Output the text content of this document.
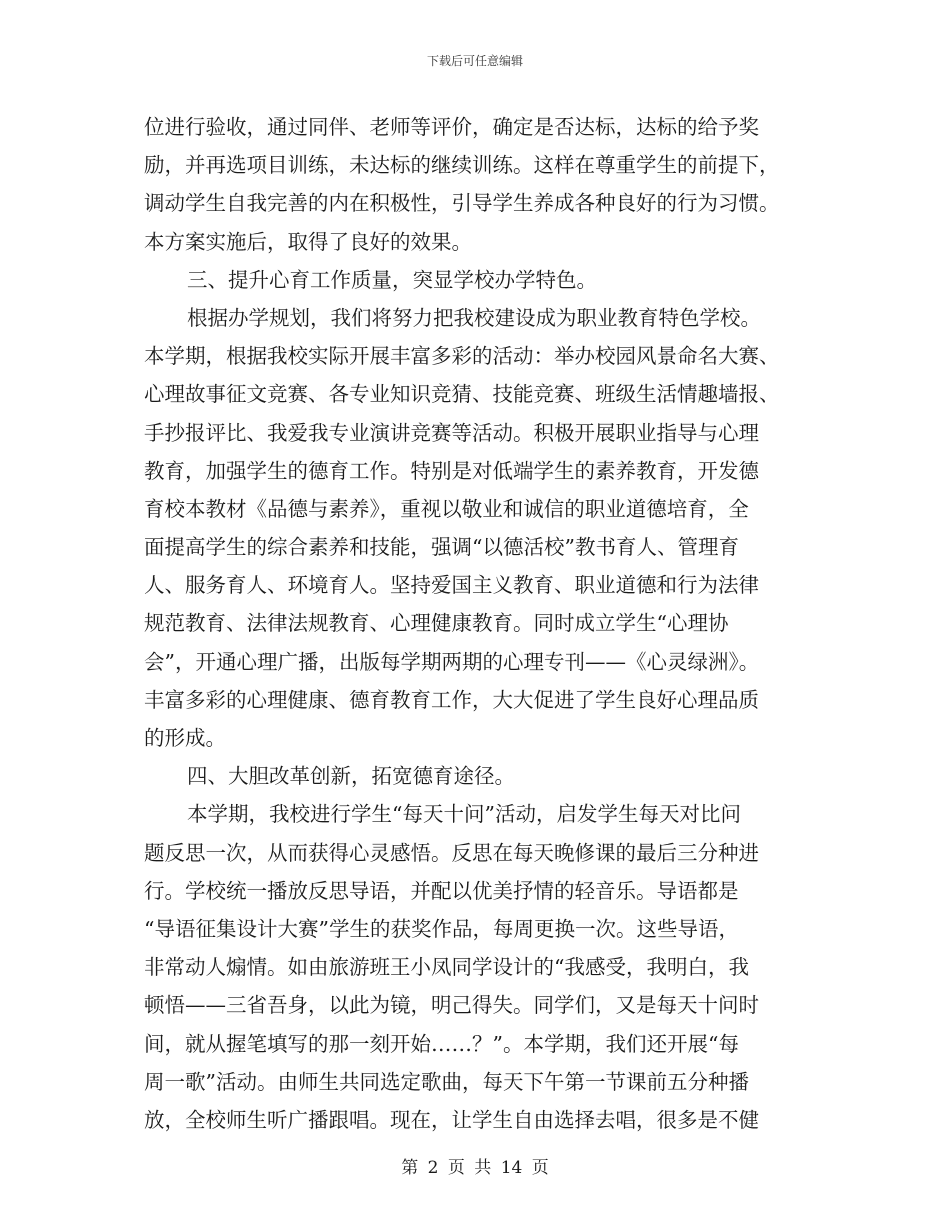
下载后可任意编辑
位进行验收，通过同伴、老师等评价，确定是否达标，达标的给予奖
励，并再选项目训练，未达标的继续训练。这样在尊重学生的前提下，
调动学生自我完善的内在积极性，引导学生养成各种良好的行为习惯。
本方案实施后，取得了良好的效果。
三、提升心育工作质量，突显学校办学特色。
根据办学规划，我们将努力把我校建设成为职业教育特色学校。
本学期，根据我校实际开展丰富多彩的活动：举办校园风景命名大赛、
心理故事征文竞赛、各专业知识竞猜、技能竞赛、班级生活情趣墙报、
手抄报评比、我爱我专业演讲竞赛等活动。积极开展职业指导与心理
教育，加强学生的德育工作。特别是对低端学生的素养教育，开发德
育校本教材《品德与素养》，重视以敬业和诚信的职业道德培育，全
面提高学生的综合素养和技能，强调“以德活校”教书育人、管理育
人、服务育人、环境育人。坚持爱国主义教育、职业道德和行为法律
规范教育、法律法规教育、心理健康教育。同时成立学生“心理协
会”，开通心理广播，出版每学期两期的心理专刊——《心灵绿洲》。
丰富多彩的心理健康、德育教育工作，大大促进了学生良好心理品质
的形成。
四、大胆改革创新，拓宽德育途径。
本学期，我校进行学生“每天十问”活动，启发学生每天对比问
题反思一次，从而获得心灵感悟。反思在每天晚修课的最后三分种进
行。学校统一播放反思导语，并配以优美抒情的轻音乐。导语都是
“导语征集设计大赛”学生的获奖作品，每周更换一次。这些导语，
非常动人煽情。如由旅游班王小凤同学设计的“我感受，我明白，我
顿悟——三省吾身，以此为镜，明己得失。同学们，又是每天十问时
间，就从握笔填写的那一刻开始……？”。本学期，我们还开展“每
周一歌”活动。由师生共同选定歌曲，每天下午第一节课前五分种播
放，全校师生听广播跟唱。现在，让学生自由选择去唱，很多是不健
第 2 页 共 14 页
